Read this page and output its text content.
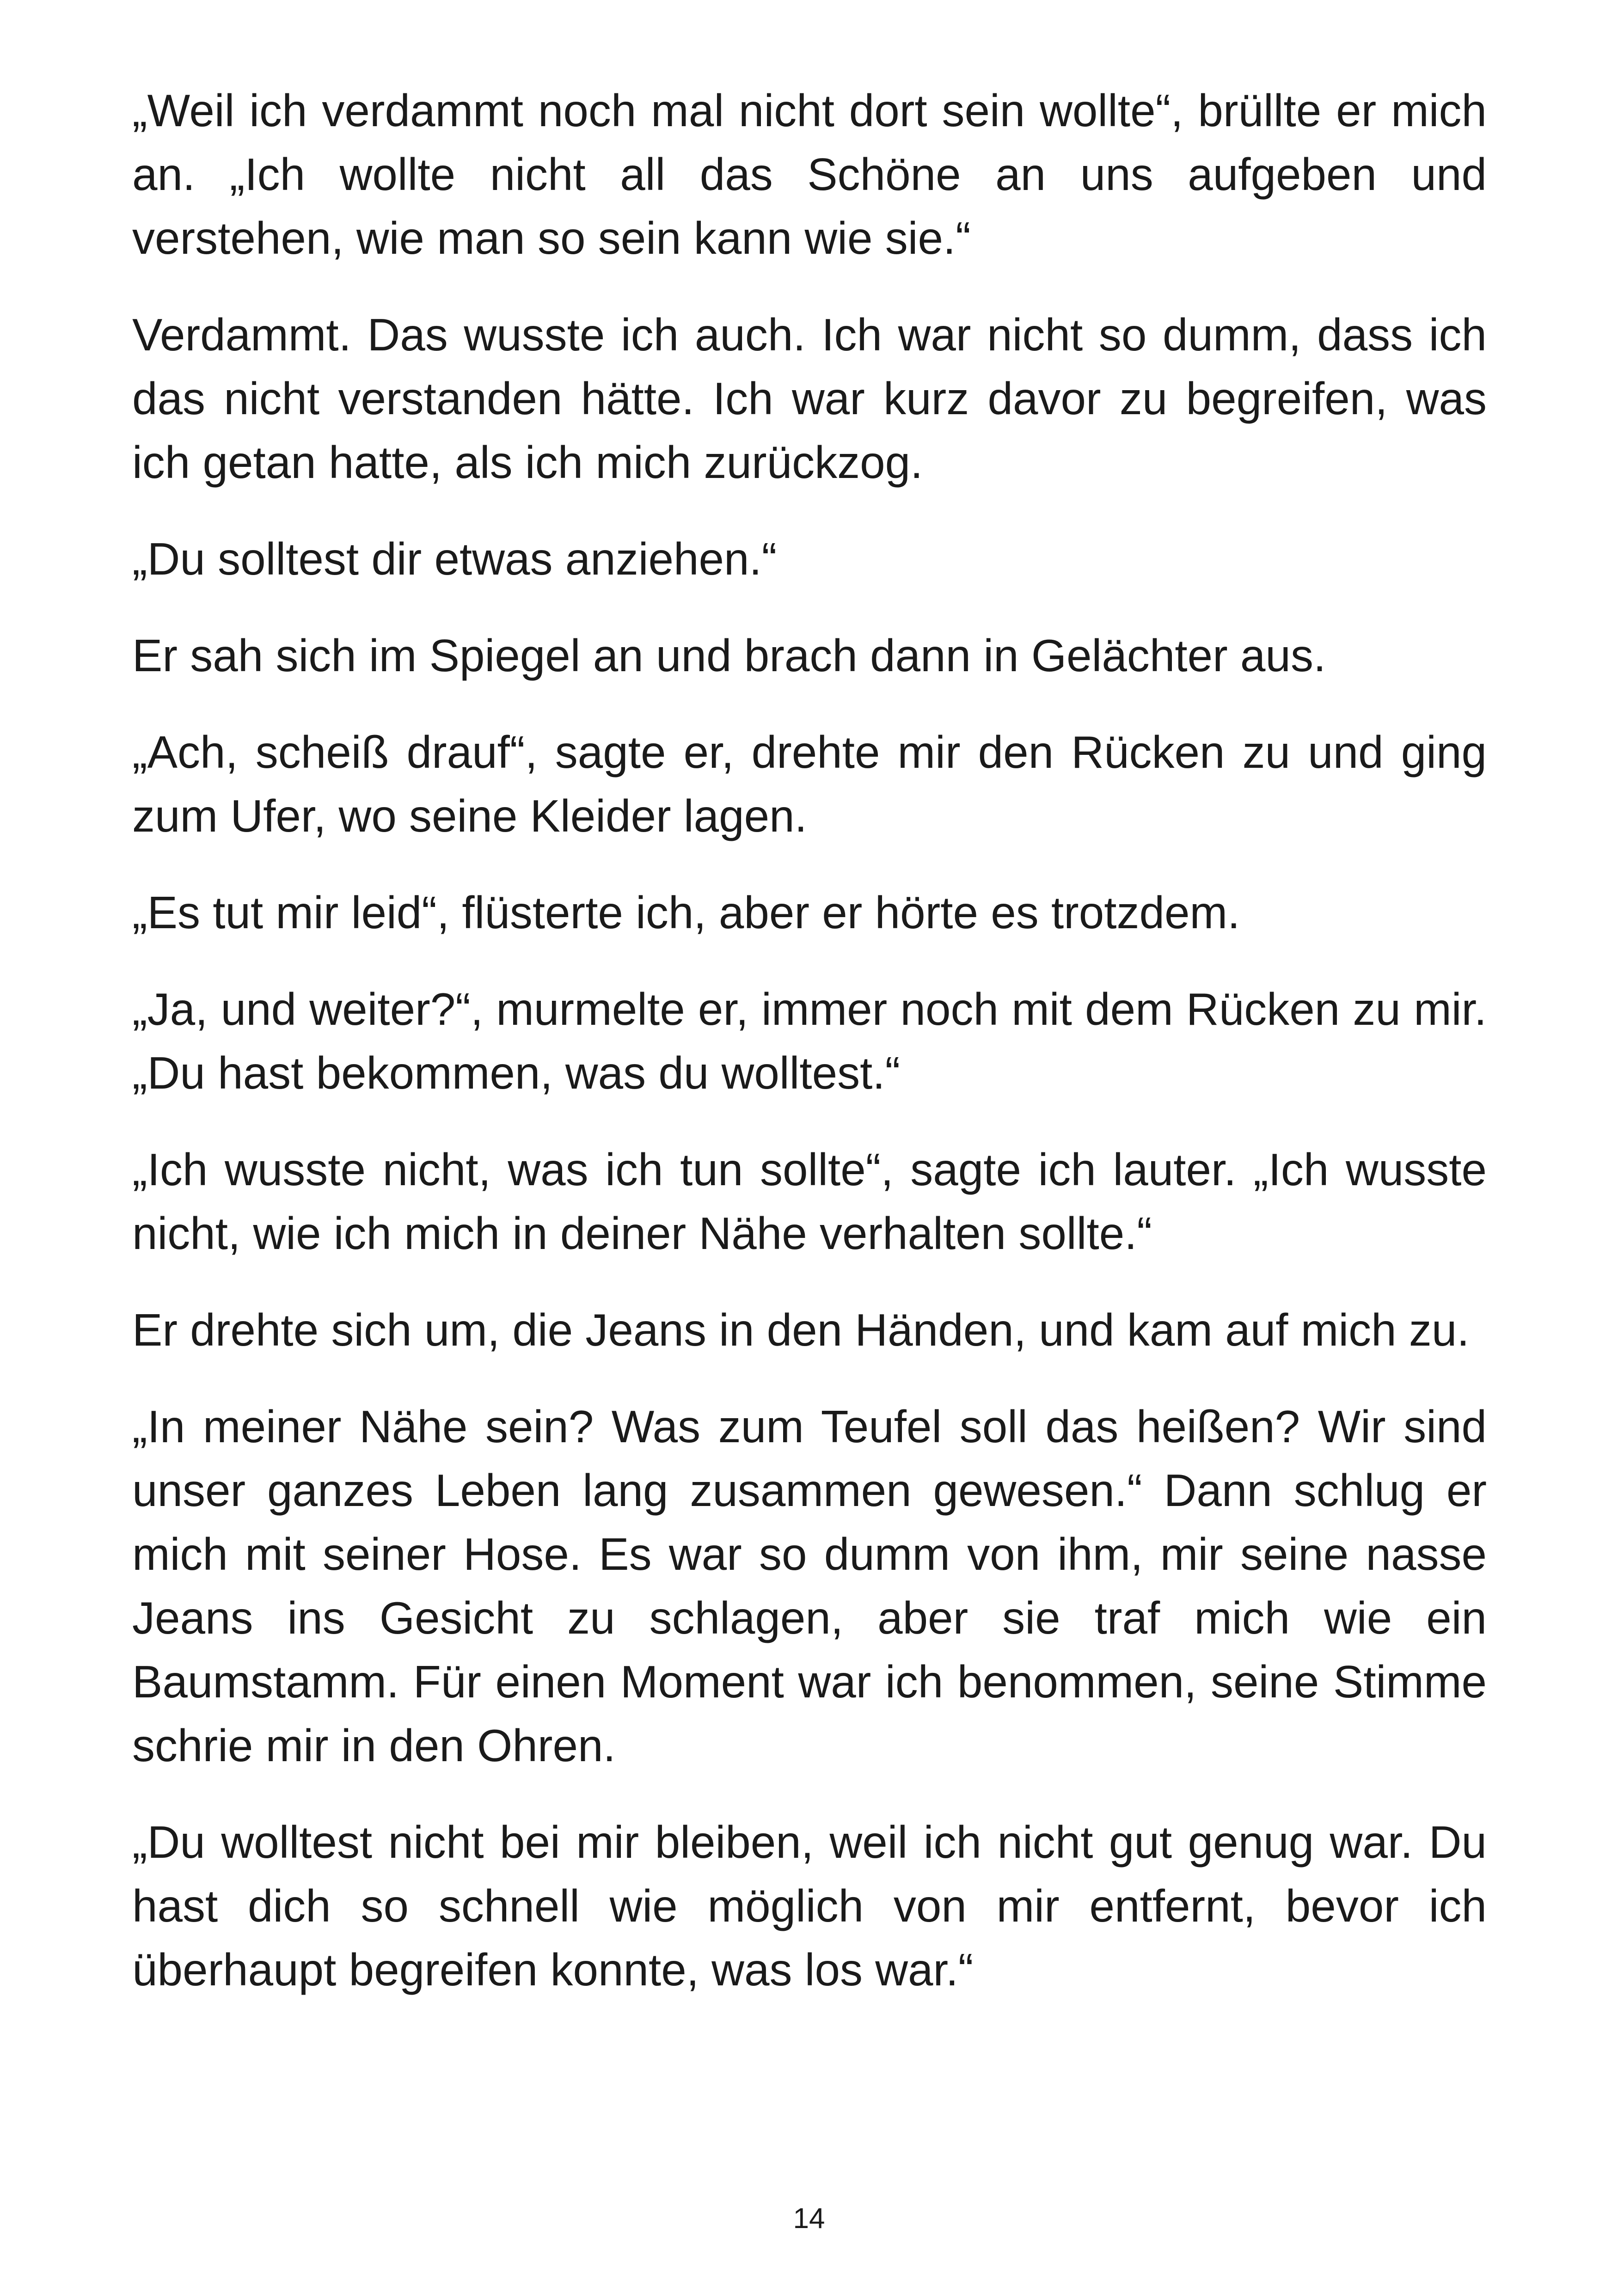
„Weil ich verdammt noch mal nicht dort sein wollte“, brüllte er mich an. „Ich wollte nicht all das Schöne an uns aufgeben und verstehen, wie man so sein kann wie sie.“

Verdammt. Das wusste ich auch. Ich war nicht so dumm, dass ich das nicht verstanden hätte. Ich war kurz davor zu begreifen, was ich getan hatte, als ich mich zurückzog.

„Du solltest dir etwas anziehen.“

Er sah sich im Spiegel an und brach dann in Gelächter aus.

„Ach, scheiß drauf“, sagte er, drehte mir den Rücken zu und ging zum Ufer, wo seine Kleider lagen.

„Es tut mir leid“, flüsterte ich, aber er hörte es trotzdem.

„Ja, und weiter?“, murmelte er, immer noch mit dem Rücken zu mir. „Du hast bekommen, was du wolltest.“

„Ich wusste nicht, was ich tun sollte“, sagte ich lauter. „Ich wusste nicht, wie ich mich in deiner Nähe verhalten sollte.“

Er drehte sich um, die Jeans in den Händen, und kam auf mich zu.

„In meiner Nähe sein? Was zum Teufel soll das heißen? Wir sind unser ganzes Leben lang zusammen gewesen.“ Dann schlug er mich mit seiner Hose. Es war so dumm von ihm, mir seine nasse Jeans ins Gesicht zu schlagen, aber sie traf mich wie ein Baumstamm. Für einen Moment war ich benommen, seine Stimme schrie mir in den Ohren.

„Du wolltest nicht bei mir bleiben, weil ich nicht gut genug war. Du hast dich so schnell wie möglich von mir entfernt, bevor ich überhaupt begreifen konnte, was los war.“

14
